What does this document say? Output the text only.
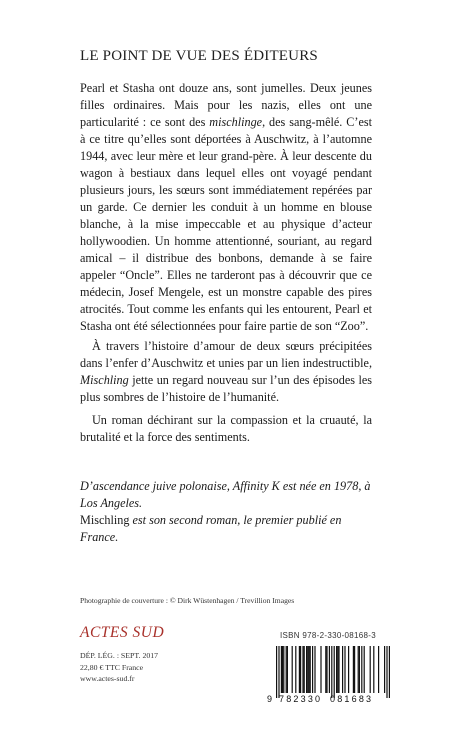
LE POINT DE VUE DES ÉDITEURS

Pearl et Stasha ont douze ans, sont jumelles. Deux jeunes filles ordinaires. Mais pour les nazis, elles ont une particularité : ce sont des mischlinge, des sang-mêlé. C’est à ce titre qu’elles sont déportées à Auschwitz, à l’automne 1944, avec leur mère et leur grand-père. À leur descente du wagon à bestiaux dans lequel elles ont voyagé pendant plusieurs jours, les sœurs sont immédiatement repérées par un garde. Ce dernier les conduit à un homme en blouse blanche, à la mise impeccable et au physique d’acteur hollywoodien. Un homme attentionné, souriant, au regard amical – il distribue des bonbons, demande à se faire appeler “Oncle”. Elles ne tarderont pas à découvrir que ce médecin, Josef Mengele, est un monstre capable des pires atrocités. Tout comme les enfants qui les entourent, Pearl et Stasha ont été sélectionnées pour faire partie de son “Zoo”.

À travers l’histoire d’amour de deux sœurs précipitées dans l’enfer d’Auschwitz et unies par un lien indestructible, Mischling jette un regard nouveau sur l’un des épisodes les plus sombres de l’histoire de l’humanité.

Un roman déchirant sur la compassion et la cruauté, la brutalité et la force des sentiments.

D’ascendance juive polonaise, Affinity K est née en 1978, à Los Angeles.

Mischling est son second roman, le premier publié en France.

Photographie de couverture : © Dirk Wüstenhagen / Trevillion Images
ACTES SUD
DÉP. LÉG. : SEPT. 2017
22,80 € TTC France
www.actes-sud.fr
ISBN 978-2-330-08168-3
9 782330 081683
